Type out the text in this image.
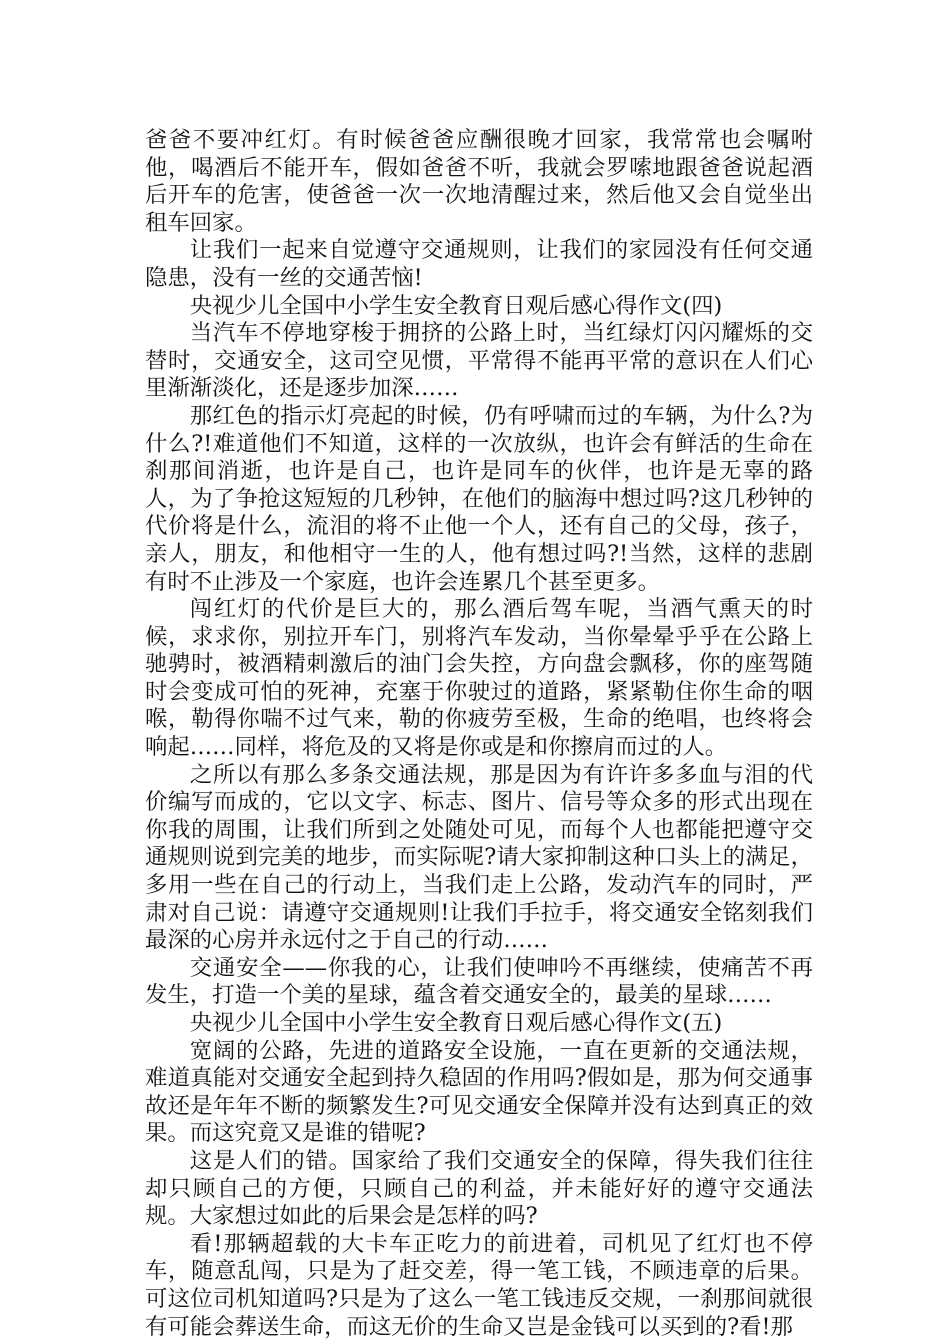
爸爸不要冲红灯。有时候爸爸应酬很晚才回家，我常常也会嘱咐他，喝酒后不能开车，假如爸爸不听，我就会罗嗦地跟爸爸说起酒后开车的危害，使爸爸一次一次地清醒过来，然后他又会自觉坐出租车回家。

让我们一起来自觉遵守交通规则，让我们的家园没有任何交通隐患，没有一丝的交通苦恼!

央视少儿全国中小学生安全教育日观后感心得作文(四)

当汽车不停地穿梭于拥挤的公路上时，当红绿灯闪闪耀烁的交替时，交通安全，这司空见惯，平常得不能再平常的意识在人们心里渐渐淡化，还是逐步加深……

那红色的指示灯亮起的时候，仍有呼啸而过的车辆，为什么?为什么?!难道他们不知道，这样的一次放纵，也许会有鲜活的生命在刹那间消逝，也许是自己，也许是同车的伙伴，也许是无辜的路人，为了争抢这短短的几秒钟，在他们的脑海中想过吗?这几秒钟的代价将是什么，流泪的将不止他一个人，还有自己的父母，孩子，亲人，朋友，和他相守一生的人，他有想过吗?!当然，这样的悲剧有时不止涉及一个家庭，也许会连累几个甚至更多。

闯红灯的代价是巨大的，那么酒后驾车呢，当酒气熏天的时候，求求你，别拉开车门，别将汽车发动，当你晕晕乎乎在公路上驰骋时，被酒精刺激后的油门会失控，方向盘会飘移，你的座驾随时会变成可怕的死神，充塞于你驶过的道路，紧紧勒住你生命的咽喉，勒得你喘不过气来，勒的你疲劳至极，生命的绝唱，也终将会响起……同样，将危及的又将是你或是和你擦肩而过的人。

之所以有那么多条交通法规，那是因为有许许多多血与泪的代价编写而成的，它以文字、标志、图片、信号等众多的形式出现在你我的周围，让我们所到之处随处可见，而每个人也都能把遵守交通规则说到完美的地步，而实际呢?请大家抑制这种口头上的满足，多用一些在自己的行动上，当我们走上公路，发动汽车的同时，严肃对自己说：请遵守交通规则!让我们手拉手，将交通安全铭刻我们最深的心房并永远付之于自己的行动……

交通安全——你我的心，让我们使呻吟不再继续，使痛苦不再发生，打造一个美的星球，蕴含着交通安全的，最美的星球……

央视少儿全国中小学生安全教育日观后感心得作文(五)

宽阔的公路，先进的道路安全设施，一直在更新的交通法规，难道真能对交通安全起到持久稳固的作用吗?假如是，那为何交通事故还是年年不断的频繁发生?可见交通安全保障并没有达到真正的效果。而这究竟又是谁的错呢?

这是人们的错。国家给了我们交通安全的保障，得失我们往往却只顾自己的方便，只顾自己的利益，并未能好好的遵守交通法规。大家想过如此的后果会是怎样的吗?

看!那辆超载的大卡车正吃力的前进着，司机见了红灯也不停车，随意乱闯，只是为了赶交差，得一笔工钱，不顾违章的后果。可这位司机知道吗?只是为了这么一笔工钱违反交规，一刹那间就很有可能会葬送生命，而这无价的生命又岂是金钱可以买到的?看!那
